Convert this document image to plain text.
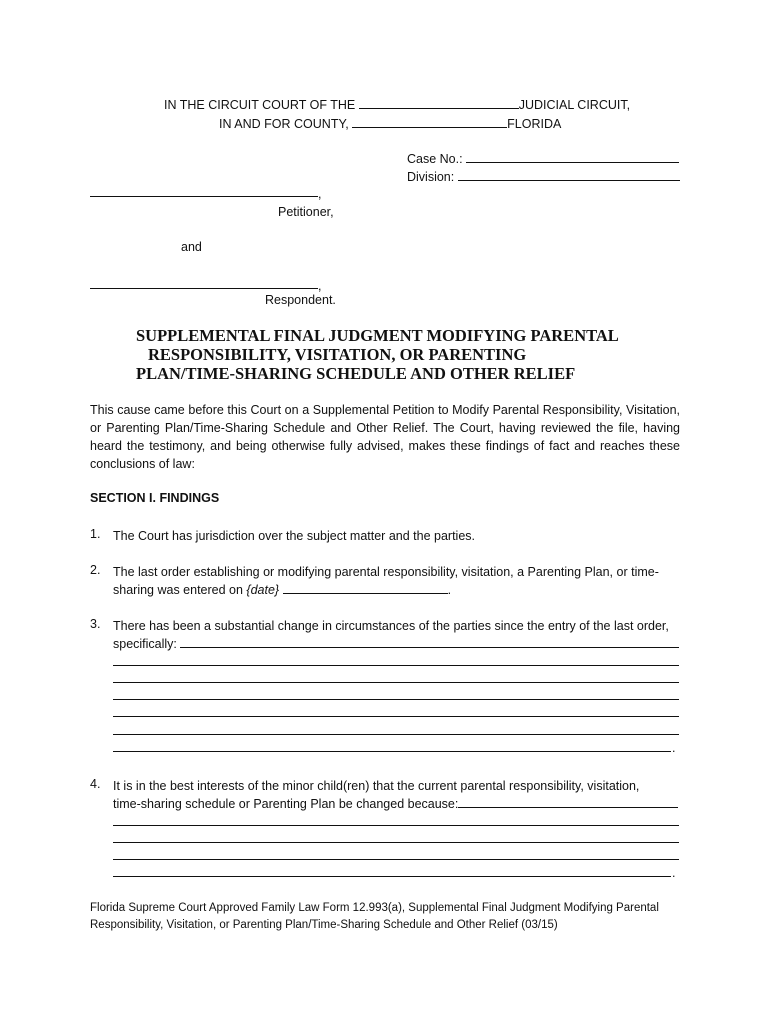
IN THE CIRCUIT COURT OF THE	JUDICIAL CIRCUIT,
IN AND FOR COUNTY,	FLORIDA
Case No.:
Division:
,
Petitioner,
and
,
Respondent.
SUPPLEMENTAL FINAL JUDGMENT MODIFYING PARENTAL
RESPONSIBILITY, VISITATION, OR PARENTING
PLAN/TIME-SHARING SCHEDULE AND OTHER RELIEF
This cause came before this Court on a Supplemental Petition to Modify Parental Responsibility, Visitation, or Parenting Plan/Time-Sharing Schedule and Other Relief. The Court, having reviewed the file, having heard the testimony, and being otherwise fully advised, makes these findings of fact and reaches these conclusions of law:
SECTION I. FINDINGS
1. The Court has jurisdiction over the subject matter and the parties.
2. The last order establishing or modifying parental responsibility, visitation, a Parenting Plan, or time-
sharing was entered on {date}	.
3. There has been a substantial change in circumstances of the parties since the entry of the last order,
specifically:
.
4. It is in the best interests of the minor child(ren) that the current parental responsibility, visitation,
time-sharing schedule or Parenting Plan be changed because:
.
Florida Supreme Court Approved Family Law Form 12.993(a), Supplemental Final Judgment Modifying Parental
Responsibility, Visitation, or Parenting Plan/Time-Sharing Schedule and Other Relief (03/15)
